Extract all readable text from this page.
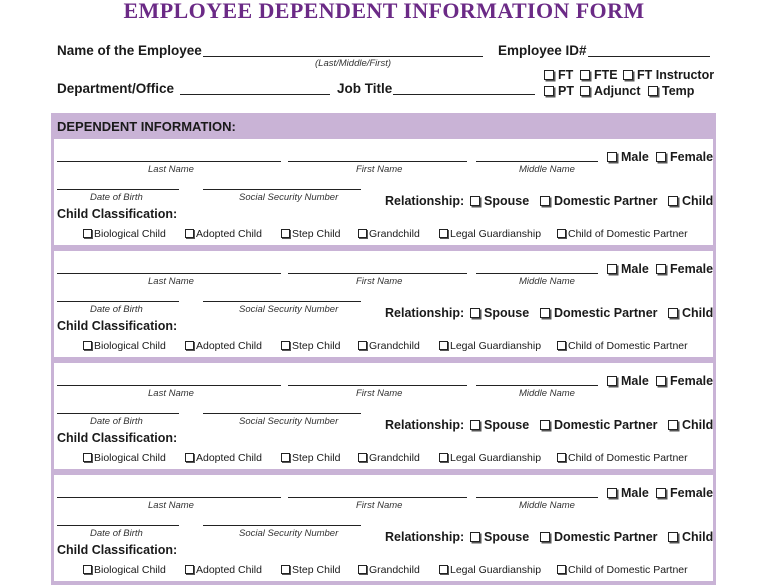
EMPLOYEE DEPENDENT INFORMATION FORM
Name of the Employee
(Last/Middle/First)
Employee ID#
Department/Office	Job Title
FT	FTE	FT Instructor
PT	Adjunct	Temp
DEPENDENT INFORMATION:
Last Name	First Name	Middle Name
Male	Female
Date of Birth	Social Security Number	Relationship:	Spouse	Domestic Partner	Child
Child Classification:
Biological Child	Adopted Child	Step Child	Grandchild	Legal Guardianship	Child of Domestic Partner
Last Name	First Name	Middle Name
Male	Female
Date of Birth	Social Security Number	Relationship:	Spouse	Domestic Partner	Child
Child Classification:
Biological Child	Adopted Child	Step Child	Grandchild	Legal Guardianship	Child of Domestic Partner
Last Name	First Name	Middle Name
Male	Female
Date of Birth	Social Security Number	Relationship:	Spouse	Domestic Partner	Child
Child Classification:
Biological Child	Adopted Child	Step Child	Grandchild	Legal Guardianship	Child of Domestic Partner
Last Name	First Name	Middle Name
Male	Female
Date of Birth	Social Security Number	Relationship:	Spouse	Domestic Partner	Child
Child Classification:
Biological Child	Adopted Child	Step Child	Grandchild	Legal Guardianship	Child of Domestic Partner
